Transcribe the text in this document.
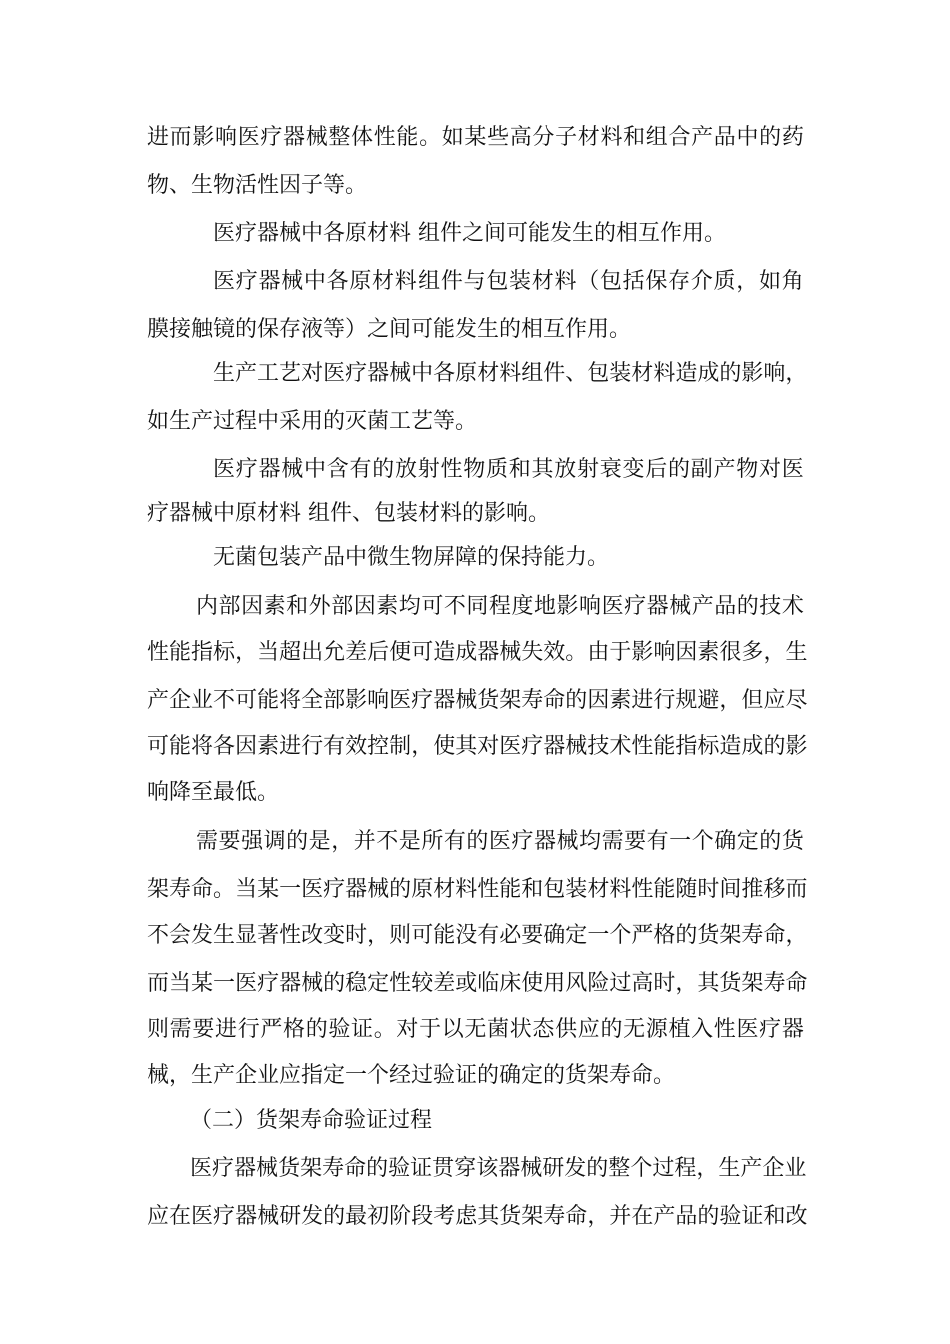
进 而 影 响 医 疗 器 械 整 体 性 能 。 如 某 些 高 分 子 材 料 和 组 合 产 品 中 的 药
物、生物活性因子等。
医疗器械中各原材料 组件之间可能发生的相互作用。
医 疗 器 械 中 各 原 材 料 组 件 与 包 装 材 料 （ 包 括 保 存 介 质 ， 如 角
膜接触镜的保存液等）之间可能发生的相互作用。
生 产 工 艺 对 医 疗 器 械 中 各 原 材 料 组 件 、 包 装 材 料 造 成 的 影 响 ，
如生产过程中采用的灭菌工艺等。
医 疗 器 械 中 含 有 的 放 射 性 物 质 和 其 放 射 衰 变 后 的 副 产 物 对 医
疗器械中原材料 组件、包装材料的影响。
无菌包装产品中微生物屏障的保持能力。
内 部 因 素 和 外 部 因 素 均 可 不 同 程 度 地 影 响 医 疗 器 械 产 品 的 技 术
性 能 指 标 ， 当 超 出 允 差 后 便 可 造 成 器 械 失 效 。 由 于 影 响 因 素 很 多 ， 生
产 企 业 不 可 能 将 全 部 影 响 医 疗 器 械 货 架 寿 命 的 因 素 进 行 规 避 ， 但 应 尽
可 能 将 各 因 素 进 行 有 效 控 制 ， 使 其 对 医 疗 器 械 技 术 性 能 指 标 造 成 的 影
响降至最低。
需 要 强 调 的 是 ， 并 不 是 所 有 的 医 疗 器 械 均 需 要 有 一 个 确 定 的 货
架 寿 命 。 当 某 一 医 疗 器 械 的 原 材 料 性 能 和 包 装 材 料 性 能 随 时 间 推 移 而
不 会 发 生 显 著 性 改 变 时 ， 则 可 能 没 有 必 要 确 定 一 个 严 格 的 货 架 寿 命 ，
而 当 某 一 医 疗 器 械 的 稳 定 性 较 差 或 临 床 使 用 风 险 过 高 时 ， 其 货 架 寿 命
则 需 要 进 行 严 格 的 验 证 。 对 于 以 无 菌 状 态 供 应 的 无 源 植 入 性 医 疗 器
械，生产企业应指定一个经过验证的确定的货架寿命。
（二）货架寿命验证过程
医 疗 器 械 货 架 寿 命 的 验 证 贯 穿 该 器 械 研 发 的 整 个 过 程 ， 生 产 企 业
应 在 医 疗 器 械 研 发 的 最 初 阶 段 考 虑 其 货 架 寿 命 ， 并 在 产 品 的 验 证 和 改
